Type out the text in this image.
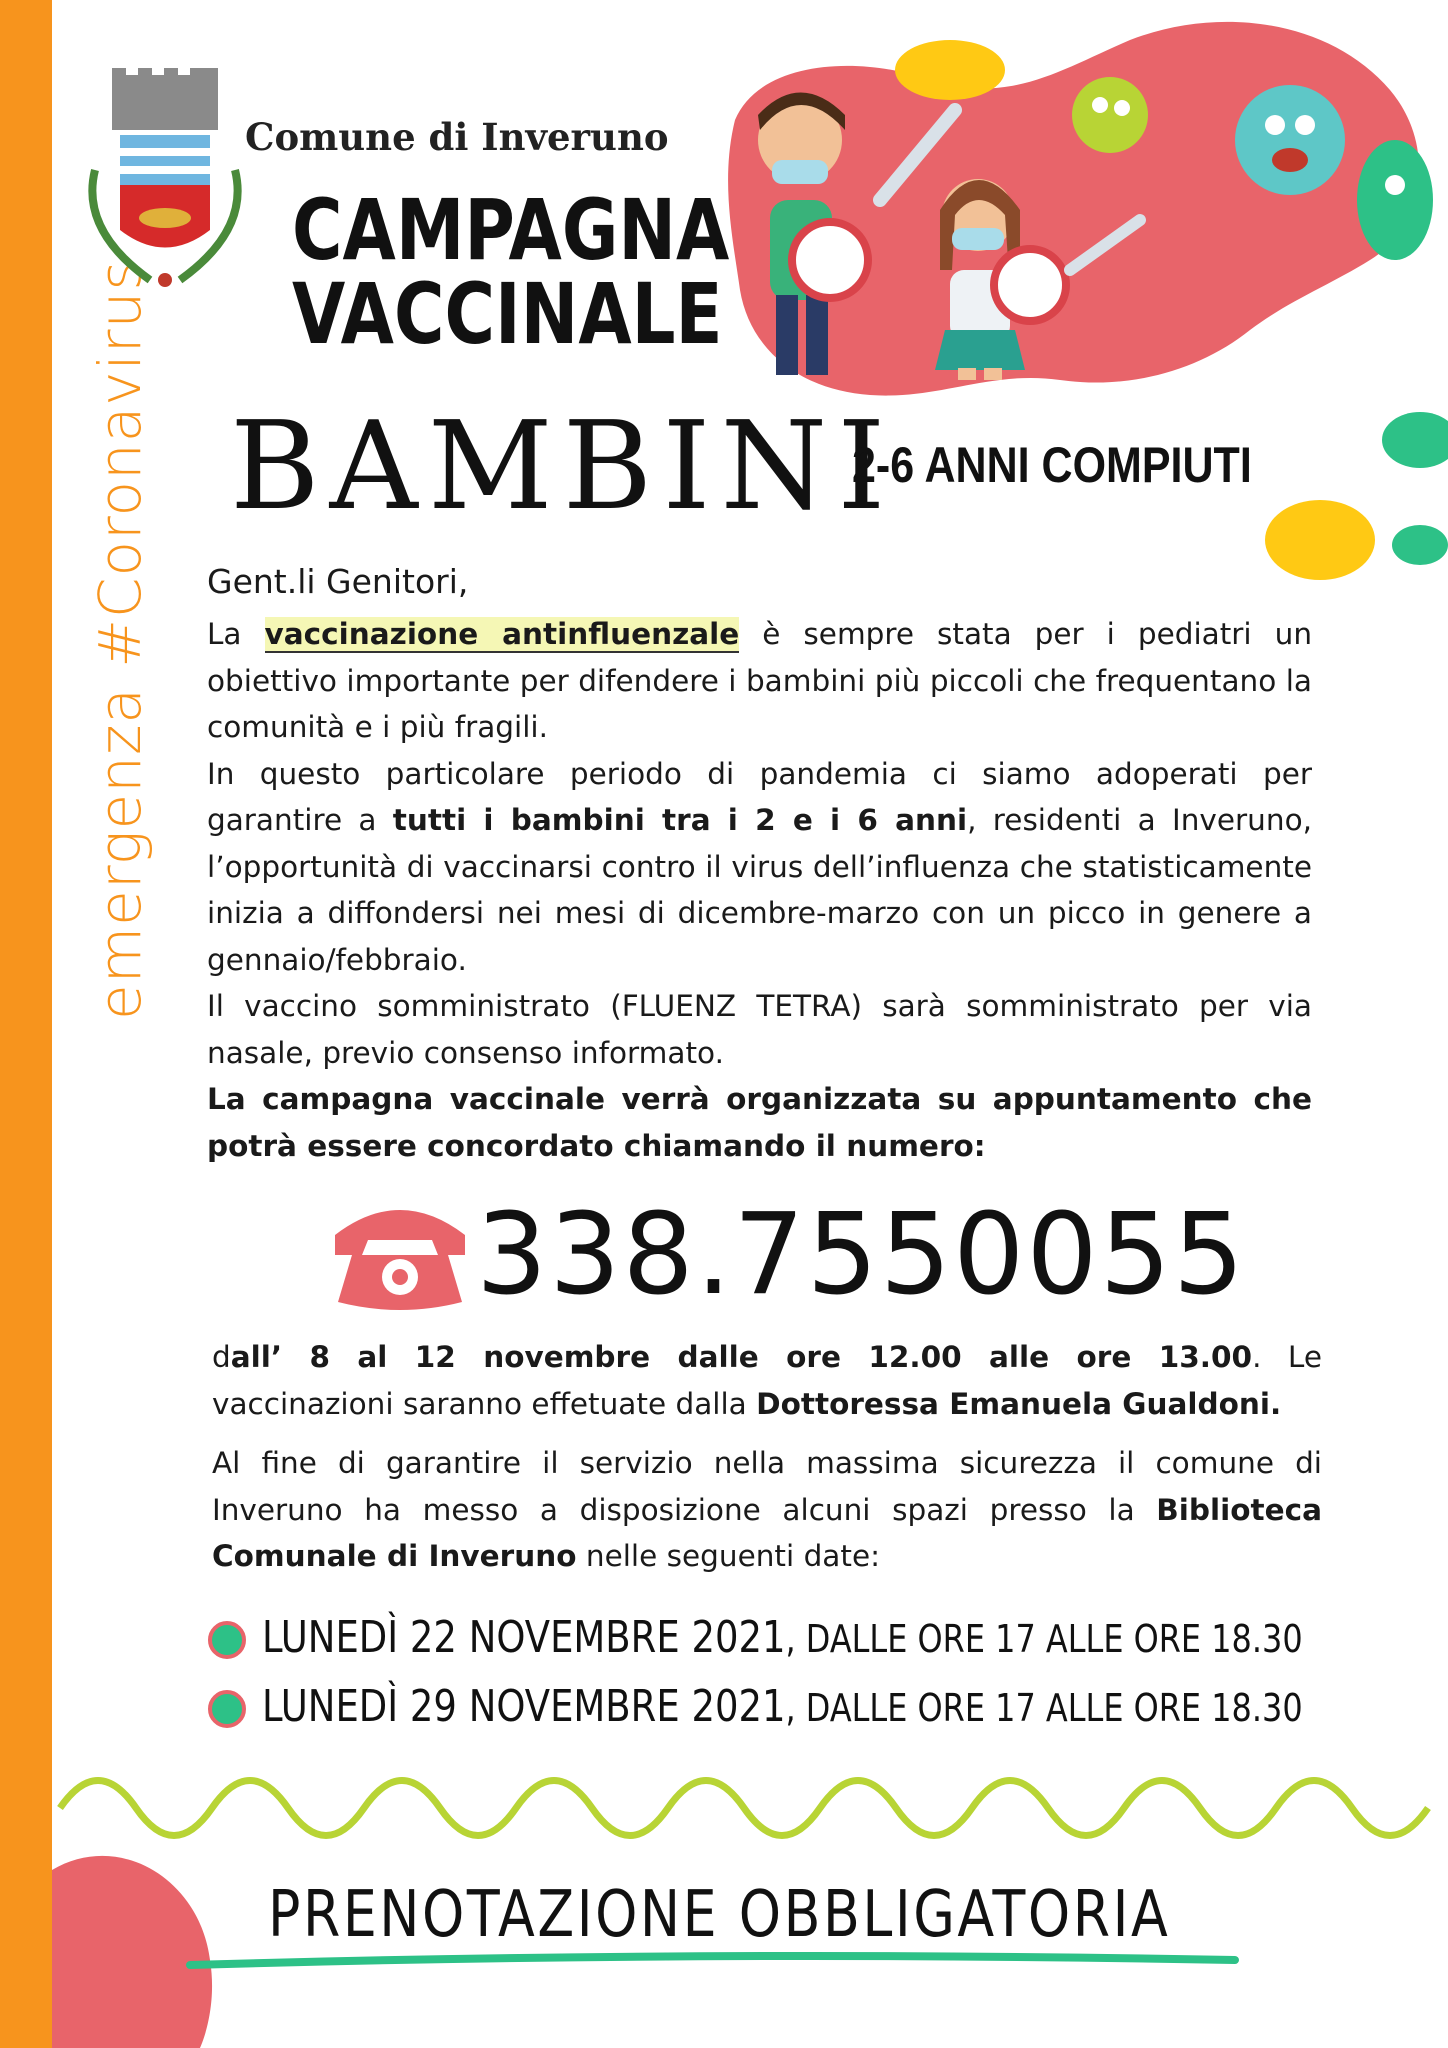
emergenza #Coronavirus
Comune di Inveruno
CAMPAGNA
VACCINALE
BAMBINI
2-6 ANNI COMPIUTI
Gent.li Genitori,
La vaccinazione antinfluenzale è sempre stata per i pediatri un obiettivo importante per difendere i bambini più piccoli che frequentano la comunità e i più fragili.
In questo particolare periodo di pandemia ci siamo adoperati per garantire a tutti i bambini tra i 2 e i 6 anni, residenti a Inveruno, l’opportunità di vaccinarsi contro il virus dell’influenza che statisticamente inizia a diffondersi nei mesi di dicembre-marzo con un picco in genere a gennaio/febbraio.
Il vaccino somministrato (FLUENZ TETRA) sarà somministrato per via nasale, previo consenso informato.
La campagna vaccinale verrà organizzata su appuntamento che potrà essere concordato chiamando il numero:
338.7550055
dall’ 8 al 12 novembre dalle ore 12.00 alle ore 13.00. Le vaccinazioni saranno effetuate dalla Dottoressa Emanuela Gualdoni.
Al fine di garantire il servizio nella massima sicurezza il comune di Inveruno ha messo a disposizione alcuni spazi presso la Biblioteca Comunale di Inveruno nelle seguenti date:
LUNEDÌ 22 NOVEMBRE 2021, DALLE ORE 17 ALLE ORE 18.30
LUNEDÌ 29 NOVEMBRE 2021, DALLE ORE 17 ALLE ORE 18.30
PRENOTAZIONE OBBLIGATORIA
